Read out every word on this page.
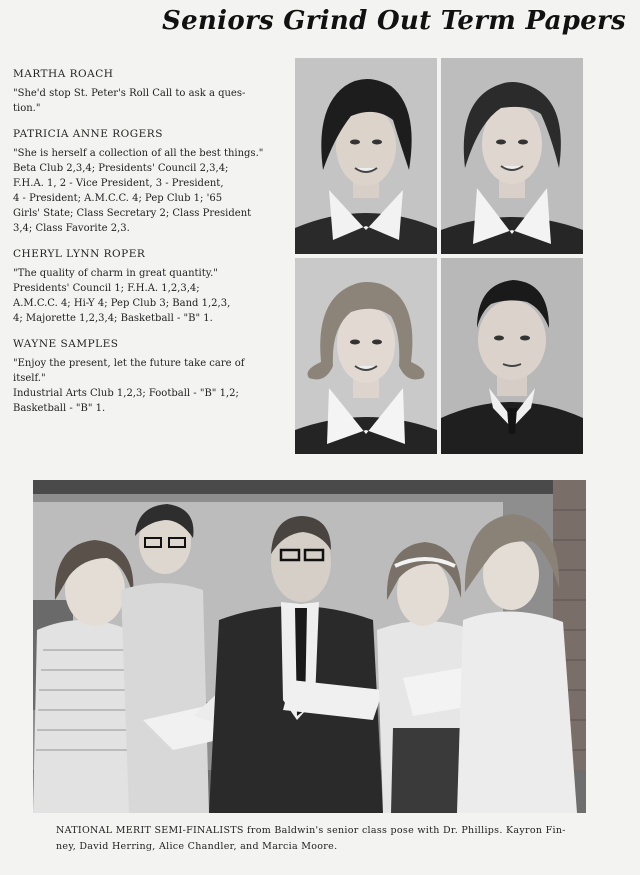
Seniors Grind Out Term Papers
MARTHA ROACH
"She'd stop St. Peter's Roll Call to ask a ques-
tion."
PATRICIA ANNE ROGERS
"She is herself a collection of all the best things."
Beta Club 2,3,4; Presidents' Council 2,3,4;
F.H.A. 1, 2 - Vice President, 3 - President,
4 - President; A.M.C.C. 4; Pep Club 1; '65
Girls' State; Class Secretary 2; Class President
3,4; Class Favorite 2,3.
CHERYL LYNN ROPER
"The quality of charm in great quantity."
Presidents' Council 1; F.H.A. 1,2,3,4;
A.M.C.C. 4; Hi-Y 4; Pep Club 3; Band 1,2,3,
4; Majorette 1,2,3,4; Basketball - "B" 1.
WAYNE SAMPLES
"Enjoy the present, let the future take care of
itself."
Industrial Arts Club 1,2,3; Football - "B" 1,2;
Basketball - "B" 1.
NATIONAL MERIT SEMI-FINALISTS from Baldwin's senior class pose with Dr. Phillips. Kayron Fin-
ney, David Herring, Alice Chandler, and Marcia Moore.
